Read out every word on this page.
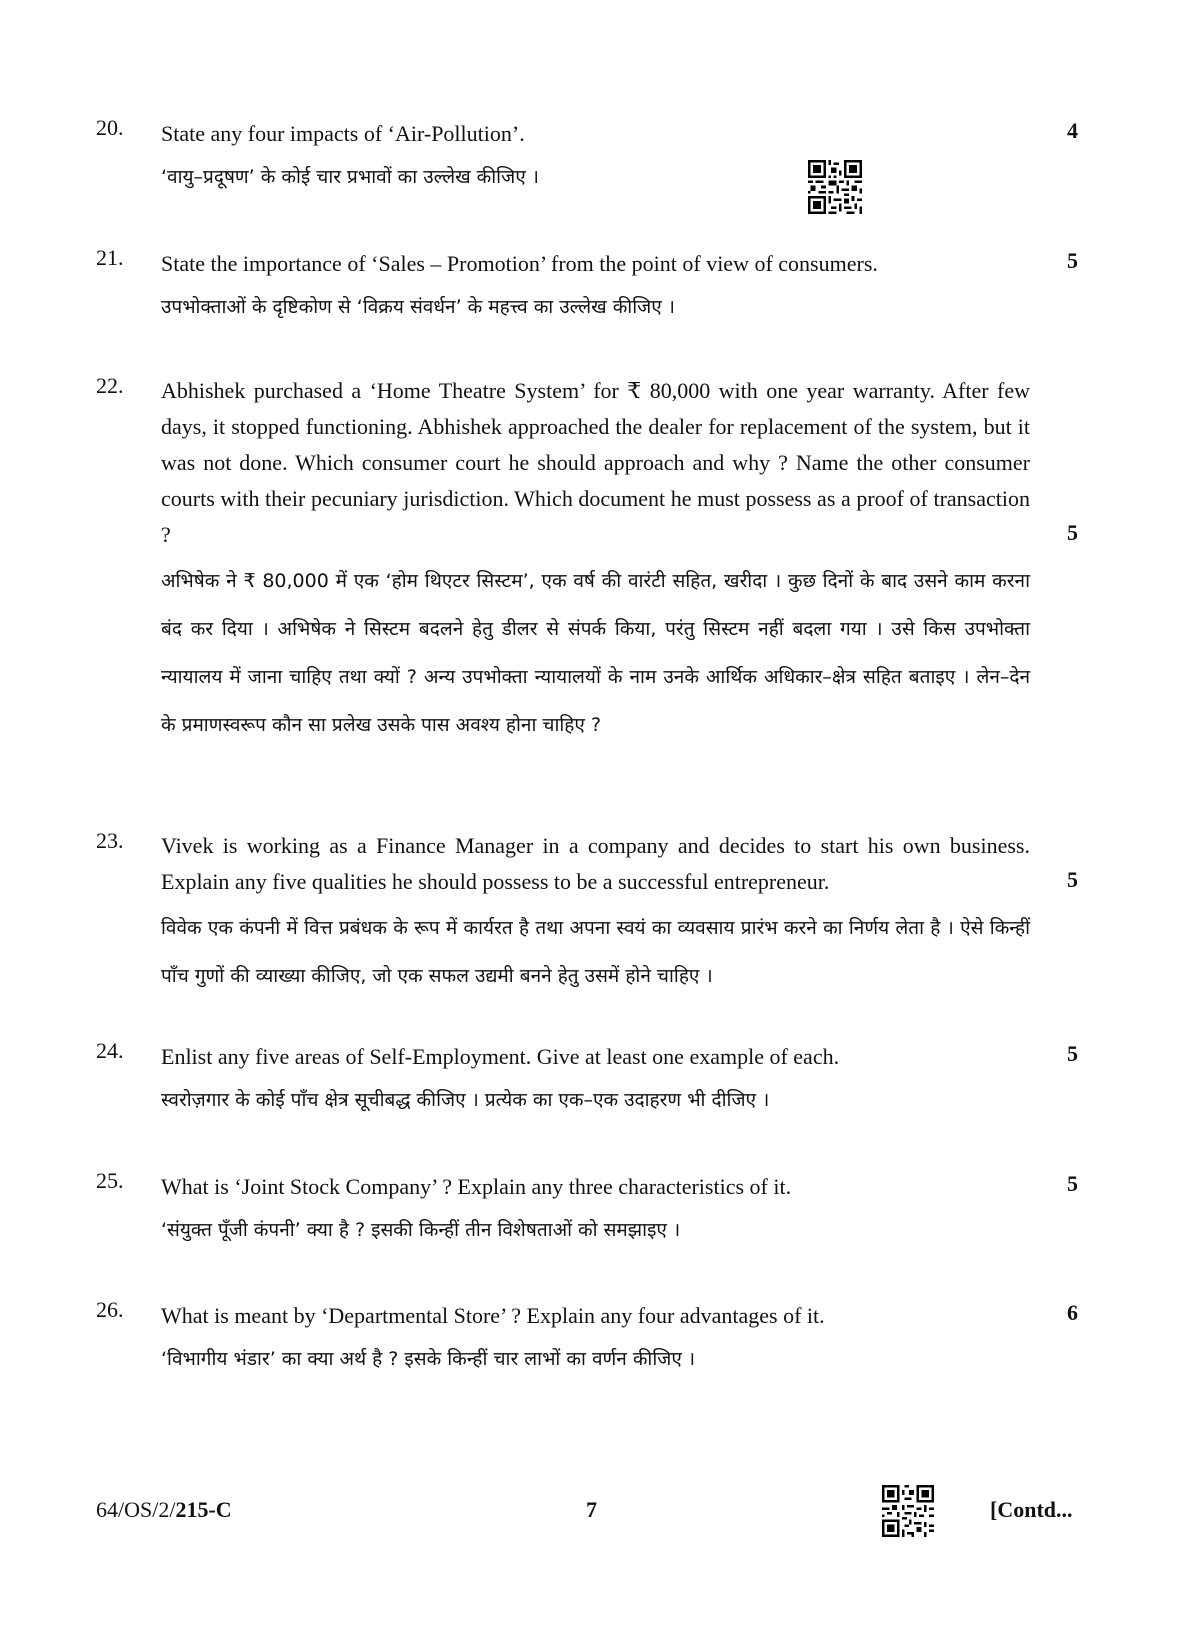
20.	State any four impacts of ‘Air-Pollution’.
‘वायु–प्रदूषण’ के कोई चार प्रभावों का उल्लेख कीजिए ।
4
21.	State the importance of ‘Sales – Promotion’ from the point of view of consumers.
उपभोक्ताओं के दृष्टिकोण से ‘विक्रय संवर्धन’ के महत्त्व का उल्लेख कीजिए ।
5
22.	Abhishek purchased a ‘Home Theatre System’ for ₹ 80,000 with one year warranty. After few days, it stopped functioning. Abhishek approached the dealer for replacement of the system, but it was not done. Which consumer court he should approach and why ? Name the other consumer courts with their pecuniary jurisdiction. Which document he must possess as a proof of transaction ?
अभिषेक ने ₹ 80,000 में एक ‘होम थिएटर सिस्टम’, एक वर्ष की वारंटी सहित, खरीदा । कुछ दिनों के बाद उसने काम करना बंद कर दिया । अभिषेक ने सिस्टम बदलने हेतु डीलर से संपर्क किया, परंतु सिस्टम नहीं बदला गया । उसे किस उपभोक्ता न्यायालय में जाना चाहिए तथा क्यों ? अन्य उपभोक्ता न्यायालयों के नाम उनके आर्थिक अधिकार–क्षेत्र सहित बताइए । लेन–देन के प्रमाणस्वरूप कौन सा प्रलेख उसके पास अवश्य होना चाहिए ?
5
23.	Vivek is working as a Finance Manager in a company and decides to start his own business. Explain any five qualities he should possess to be a successful entrepreneur.
विवेक एक कंपनी में वित्त प्रबंधक के रूप में कार्यरत है तथा अपना स्वयं का व्यवसाय प्रारंभ करने का निर्णय लेता है । ऐसे किन्हीं पाँच गुणों की व्याख्या कीजिए, जो एक सफल उद्यमी बनने हेतु उसमें होने चाहिए ।
5
24.	Enlist any five areas of Self-Employment. Give at least one example of each.
स्वरोज़गार के कोई पाँच क्षेत्र सूचीबद्ध कीजिए । प्रत्येक का एक–एक उदाहरण भी दीजिए ।
5
25.	What is ‘Joint Stock Company’ ? Explain any three characteristics of it.
‘संयुक्त पूँजी कंपनी’ क्या है ? इसकी किन्हीं तीन विशेषताओं को समझाइए ।
5
26.	What is meant by ‘Departmental Store’ ? Explain any four advantages of it.
‘विभागीय भंडार’ का क्या अर्थ है ? इसके किन्हीं चार लाभों का वर्णन कीजिए ।
6
64/OS/2/215-C	7	[Contd...
